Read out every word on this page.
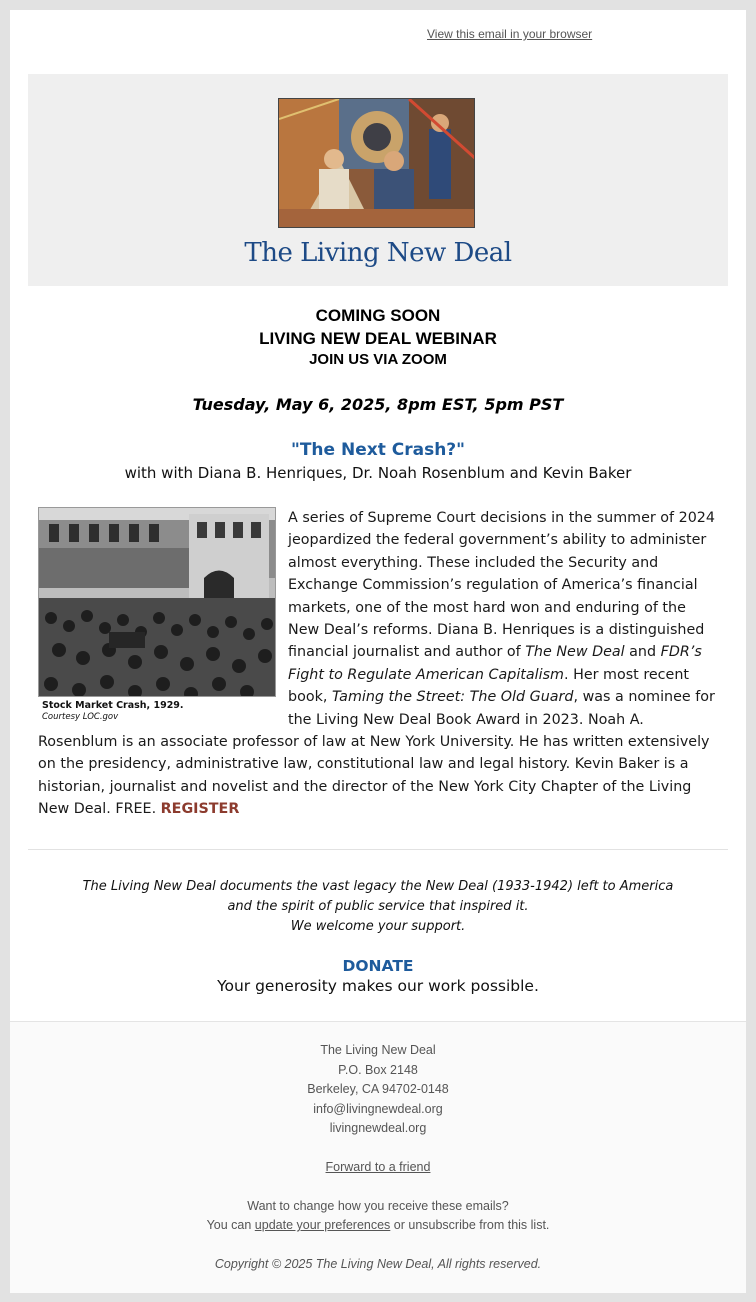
View this email in your browser
The Living New Deal
COMING SOON
LIVING NEW DEAL WEBINAR
JOIN US VIA ZOOM
Tuesday, May 6, 2025, 8pm EST, 5pm PST
"The Next Crash?"
with with Diana B. Henriques, Dr. Noah Rosenblum and Kevin Baker
Stock Market Crash, 1929.
Courtesy LOC.gov
A series of Supreme Court decisions in the summer of 2024 jeopardized the federal government’s ability to administer almost everything. These included the Security and Exchange Commission’s regulation of America’s financial markets, one of the most hard won and enduring of the New Deal’s reforms. Diana B. Henriques is a distinguished financial journalist and author of The New Deal and FDR’s Fight to Regulate American Capitalism. Her most recent book, Taming the Street: The Old Guard, was a nominee for the Living New Deal Book Award in 2023. Noah A. Rosenblum is an associate professor of law at New York University. He has written extensively on the presidency, administrative law, constitutional law and legal history. Kevin Baker is a historian, journalist and novelist and the director of the New York City Chapter of the Living New Deal. FREE. REGISTER
The Living New Deal documents the vast legacy the New Deal (1933-1942) left to America
and the spirit of public service that inspired it.
We welcome your support.
DONATE
Your generosity makes our work possible.
The Living New Deal
P.O. Box 2148
Berkeley, CA 94702-0148
info@livingnewdeal.org
livingnewdeal.org
Forward to a friend
Want to change how you receive these emails?
You can update your preferences or unsubscribe from this list.
Copyright © 2025 The Living New Deal, All rights reserved.
